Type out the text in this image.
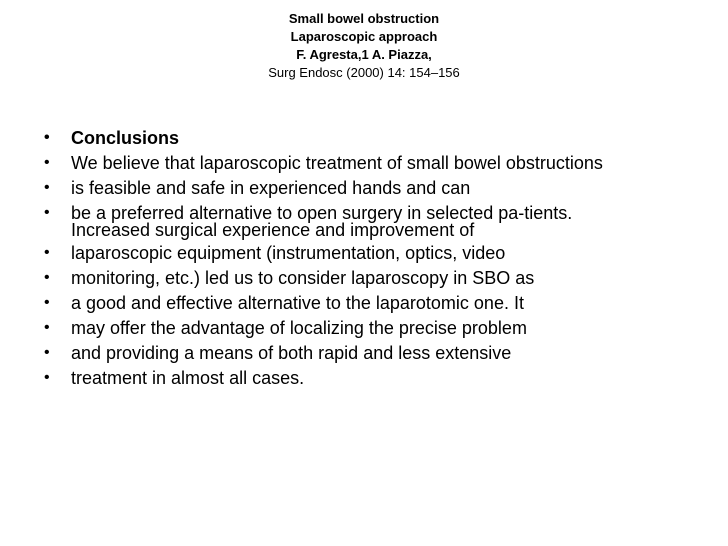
Small bowel obstruction
Laparoscopic approach
F. Agresta,1 A. Piazza,
Surg Endosc (2000) 14: 154–156
• Conclusions
• We believe that laparoscopic treatment of small bowel obstructions
• is feasible and safe in experienced hands and can
• be a preferred alternative to open surgery in selected pa-tients.
Increased surgical experience and improvement of
• laparoscopic equipment (instrumentation, optics, video
• monitoring, etc.) led us to consider laparoscopy in SBO as
• a good and effective alternative to the laparotomic one. It
• may offer the advantage of localizing the precise problem
• and providing a means of both rapid and less extensive
• treatment in almost all cases.
